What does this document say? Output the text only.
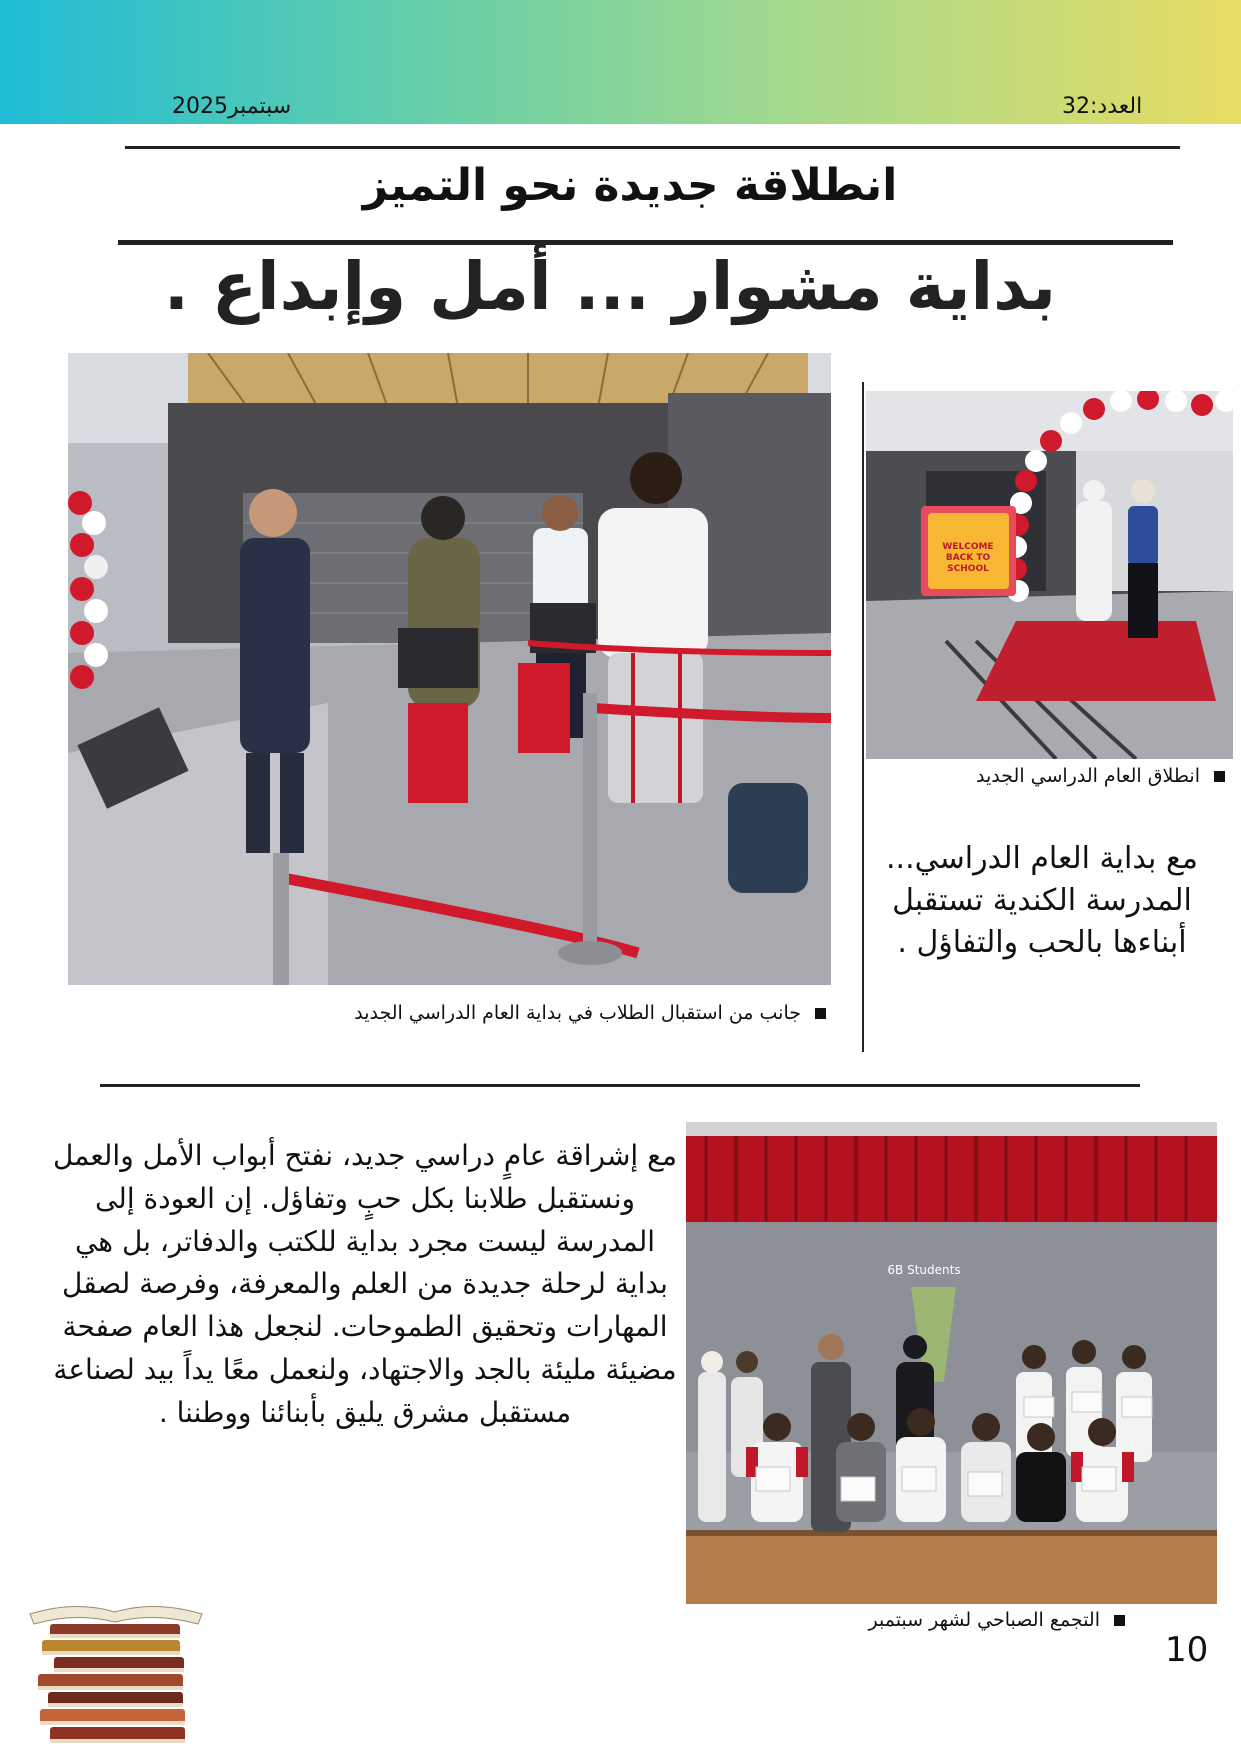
سبتمبر2025	العدد:32
انطلاقة جديدة نحو التميز
بداية مشوار ... أمل وإبداع .
جانب من استقبال الطلاب في بداية العام الدراسي الجديد
WELCOME BACK TO SCHOOL
انطلاق العام الدراسي الجديد
مع بداية العام الدراسي... المدرسة الكندية تستقبل أبناءها بالحب والتفاؤل .
مع إشراقة عامٍ دراسي جديد، نفتح أبواب الأمل والعمل ونستقبل طلابنا بكل حبٍ وتفاؤل. إن العودة إلى المدرسة ليست مجرد بداية للكتب والدفاتر، بل هي بداية لرحلة جديدة من العلم والمعرفة، وفرصة لصقل المهارات وتحقيق الطموحات. لنجعل هذا العام صفحة مضيئة مليئة بالجد والاجتهاد، ولنعمل معًا يداً بيد لصناعة مستقبل مشرق يليق بأبنائنا ووطننا .
6B Students
التجمع الصباحي لشهر سبتمبر
10
